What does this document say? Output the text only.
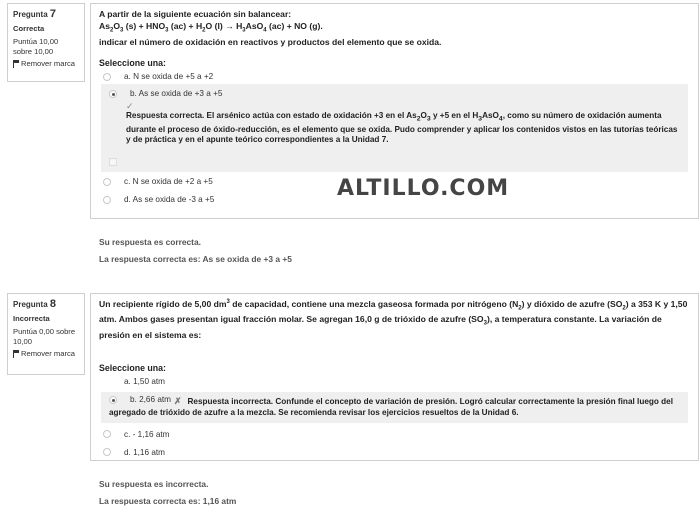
Pregunta 7
Correcta
Puntúa 10,00 sobre 10,00
Remover marca
A partir de la siguiente ecuación sin balancear:
$As_2O_3$ $(s) + HNO_3$ $(ac) + H_2O$ $(l) \to H_3AsO_4$ (ac) + NO (g).
indicar el número de oxidación en reactivos y productos del elemento que se oxida.
Seleccione una:
a. N se oxida de +5 a +2
b. As se oxida de +3 a +5
✓
Respuesta correcta. El arsénico actúa con estado de oxidación +3 en el $As_2O_3$ y +5 en el $H_3AsO_4$, como su número de oxidación aumenta durante el proceso de óxido-reducción, es el elemento que se oxida. Pudo comprender y aplicar los contenidos vistos en las tutorías teóricas y de práctica y en el apunte teórico correspondientes a la Unidad 7.
c. N se oxida de +2 a +5
d. As se oxida de -3 a +5
Su respuesta es correcta.
La respuesta correcta es: As se oxida de +3 a +5
Pregunta 8
Incorrecta
Puntúa 0,00 sobre 10,00
Remover marca
Un recipiente rígido de 5,00 $dm^3$ de capacidad, contiene una mezcla gaseosa formada por nitrógeno $(N_2)$ y dióxido de azufre $(SO_2)$ a 353 K y 1,50 atm. Ambos gases presentan igual fracción molar. Se agregan 16,0 g de trióxido de azufre $(SO_3)$, a temperatura constante. La variación de presión en el sistema es:
Seleccione una:
a. 1,50 atm
b. 2,66 atm ✗ Respuesta incorrecta. Confunde el concepto de variación de presión. Logró calcular correctamente la presión final luego del agregado de trióxido de azufre a la mezcla. Se recomienda revisar los ejercicios resueltos de la Unidad 6.
c. - 1,16 atm
d. 1,16 atm
Su respuesta es incorrecta.
La respuesta correcta es: 1,16 atm
ALTILLO.COM
